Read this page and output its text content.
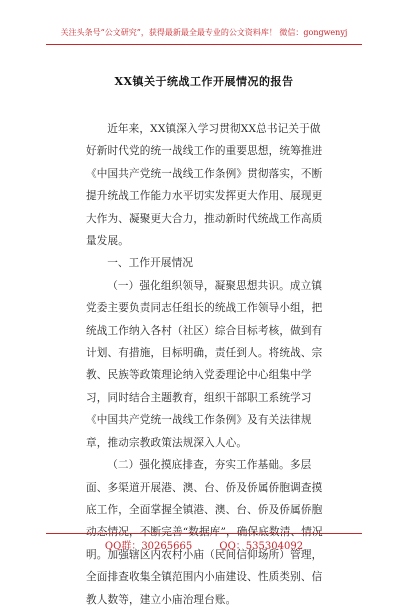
关注头条号“公文研究”，获得最新最全最专业的公文资料库！ 微信：gongwenyj
XX镇关于统战工作开展情况的报告

近年来，XX镇深入学习贯彻XX总书记关于做好新时代党的统一战线工作的重要思想，统筹推进《中国共产党统一战线工作条例》贯彻落实，不断提升统战工作能力水平切实发挥更大作用、展现更大作为、凝聚更大合力，推动新时代统战工作高质量发展。

一、工作开展情况

（一）强化组织领导，凝聚思想共识。成立镇党委主要负责同志任组长的统战工作领导小组，把统战工作纳入各村（社区）综合目标考核，做到有计划、有措施，目标明确，责任到人。将统战、宗教、民族等政策理论纳入党委理论中心组集中学习，同时结合主题教育，组织干部职工系统学习《中国共产党统一战线工作条例》及有关法律规章，推动宗教政策法规深入人心。

（二）强化摸底排查，夯实工作基础。多层面、多渠道开展港、澳、台、侨及侨属侨胞调查摸底工作，全面掌握全镇港、澳、台、侨及侨属侨胞动态情况，不断完善“数据库”，确保底数清、情况明。加强辖区内农村小庙（民间信仰场所）管理，全面排查收集全镇范围内小庙建设、性质类别、信教人数等，建立小庙治理台账。

QQ群：30265665	QQ：535304092
